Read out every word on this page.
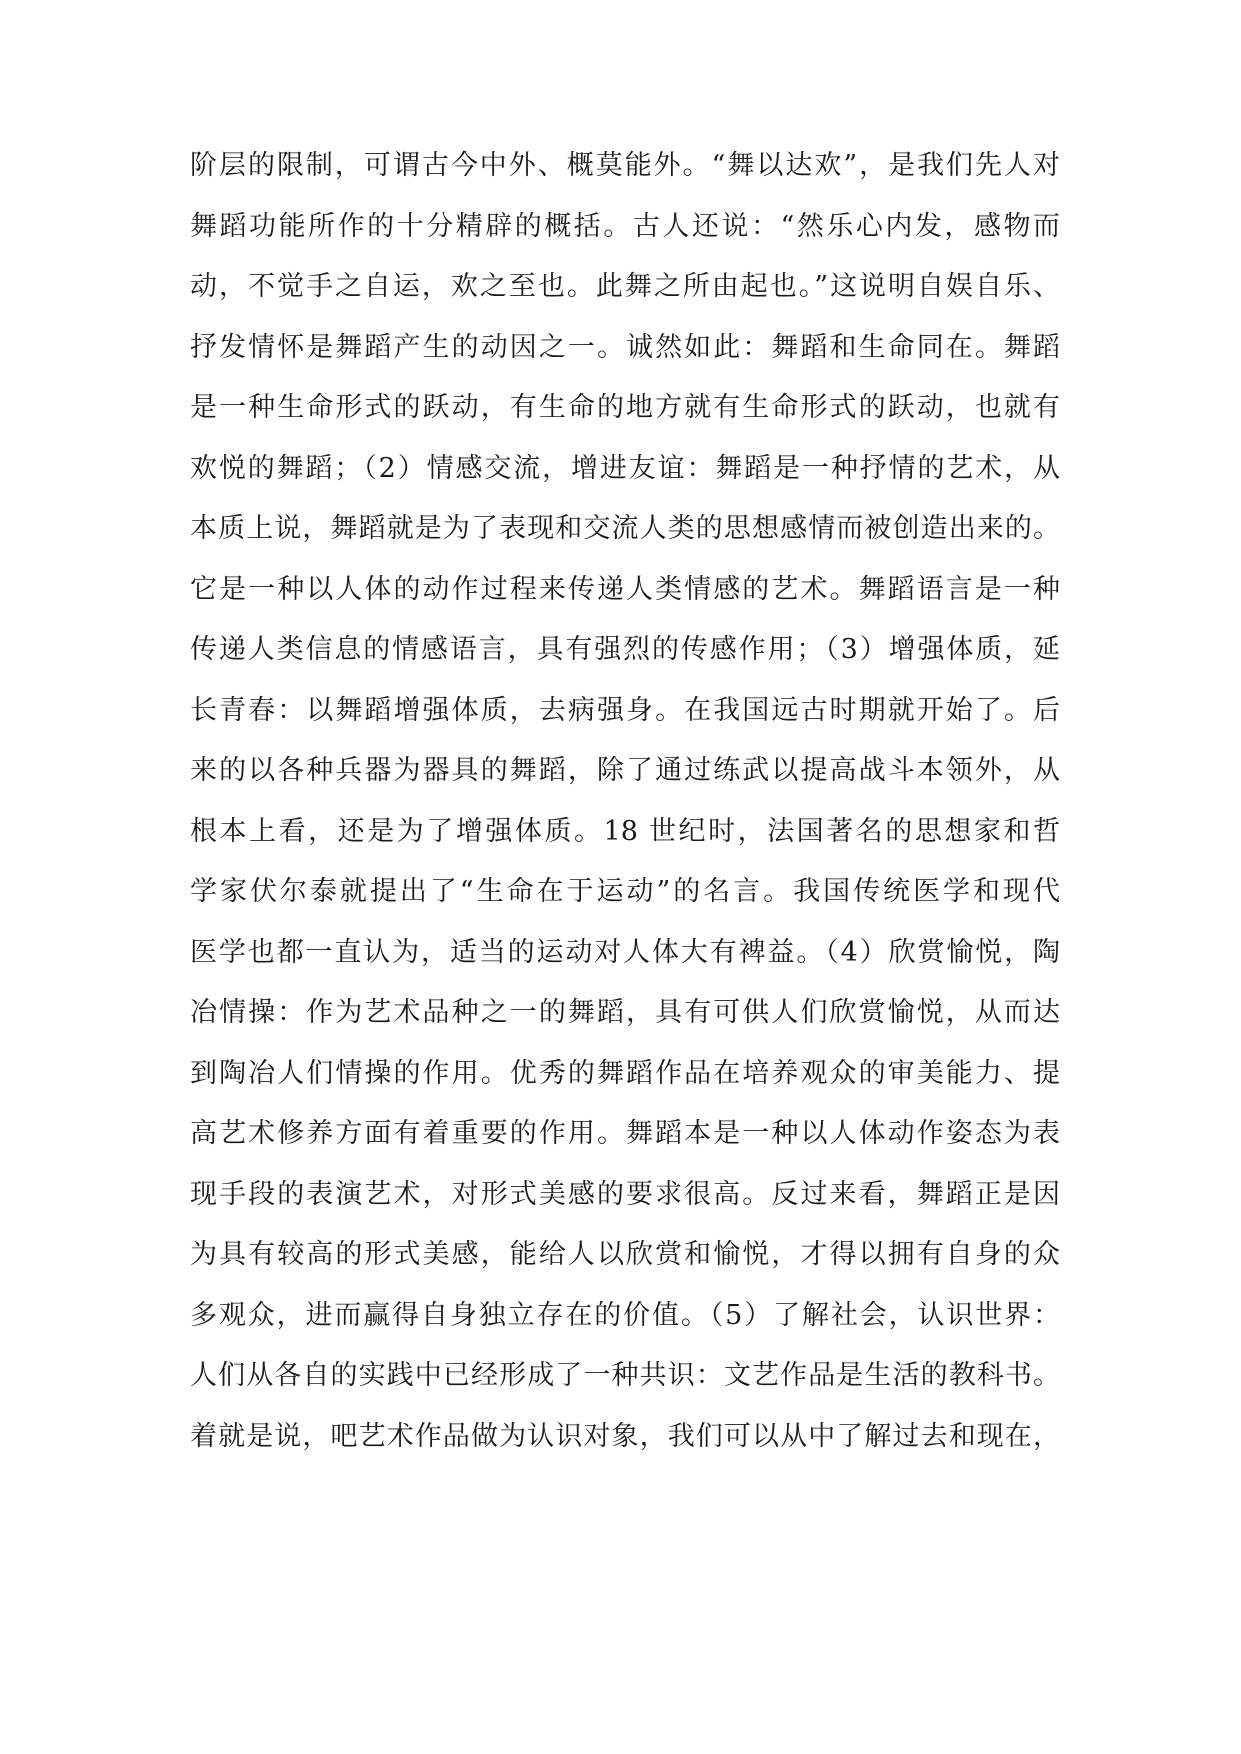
阶层的限制，可谓古今中外、概莫能外。“舞以达欢”，是我们先人对
舞蹈功能所作的十分精辟的概括。古人还说：“然乐心内发，感物而
动，不觉手之自运，欢之至也。此舞之所由起也。”这说明自娱自乐、
抒发情怀是舞蹈产生的动因之一。诚然如此：舞蹈和生命同在。舞蹈
是一种生命形式的跃动，有生命的地方就有生命形式的跃动，也就有
欢悦的舞蹈；（2）情感交流，增进友谊：舞蹈是一种抒情的艺术，从
本质上说，舞蹈就是为了表现和交流人类的思想感情而被创造出来的。
它是一种以人体的动作过程来传递人类情感的艺术。舞蹈语言是一种
传递人类信息的情感语言，具有强烈的传感作用；（3）增强体质，延
长青春：以舞蹈增强体质，去病强身。在我国远古时期就开始了。后
来的以各种兵器为器具的舞蹈，除了通过练武以提高战斗本领外，从
根本上看，还是为了增强体质。18 世纪时，法国著名的思想家和哲
学家伏尔泰就提出了“生命在于运动”的名言。我国传统医学和现代
医学也都一直认为，适当的运动对人体大有裨益。（4）欣赏愉悦，陶
冶情操：作为艺术品种之一的舞蹈，具有可供人们欣赏愉悦，从而达
到陶冶人们情操的作用。优秀的舞蹈作品在培养观众的审美能力、提
高艺术修养方面有着重要的作用。舞蹈本是一种以人体动作姿态为表
现手段的表演艺术，对形式美感的要求很高。反过来看，舞蹈正是因
为具有较高的形式美感，能给人以欣赏和愉悦，才得以拥有自身的众
多观众，进而赢得自身独立存在的价值。（5）了解社会，认识世界：
人们从各自的实践中已经形成了一种共识：文艺作品是生活的教科书。
着就是说，吧艺术作品做为认识对象，我们可以从中了解过去和现在，
